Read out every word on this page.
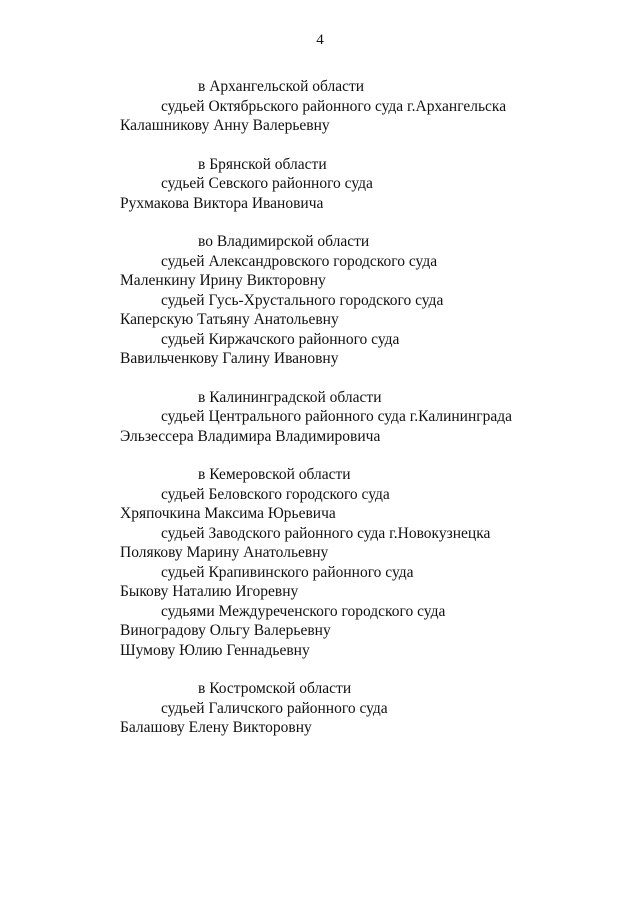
4
в Архангельской области
судьей Октябрьского районного суда г.Архангельска
Калашникову Анну Валерьевну
в Брянской области
судьей Севского районного суда
Рухмакова Виктора Ивановича
во Владимирской области
судьей Александровского городского суда
Маленкину Ирину Викторовну
судьей Гусь-Хрустального городского суда
Каперскую Татьяну Анатольевну
судьей Киржачского районного суда
Вавильченкову Галину Ивановну
в Калининградской области
судьей Центрального районного суда г.Калининграда
Эльзессера Владимира Владимировича
в Кемеровской области
судьей Беловского городского суда
Хряпочкина Максима Юрьевича
судьей Заводского районного суда г.Новокузнецка
Полякову Марину Анатольевну
судьей Крапивинского районного суда
Быкову Наталию Игоревну
судьями Междуреченского городского суда
Виноградову Ольгу Валерьевну
Шумову Юлию Геннадьевну
в Костромской области
судьей Галичского районного суда
Балашову Елену Викторовну
